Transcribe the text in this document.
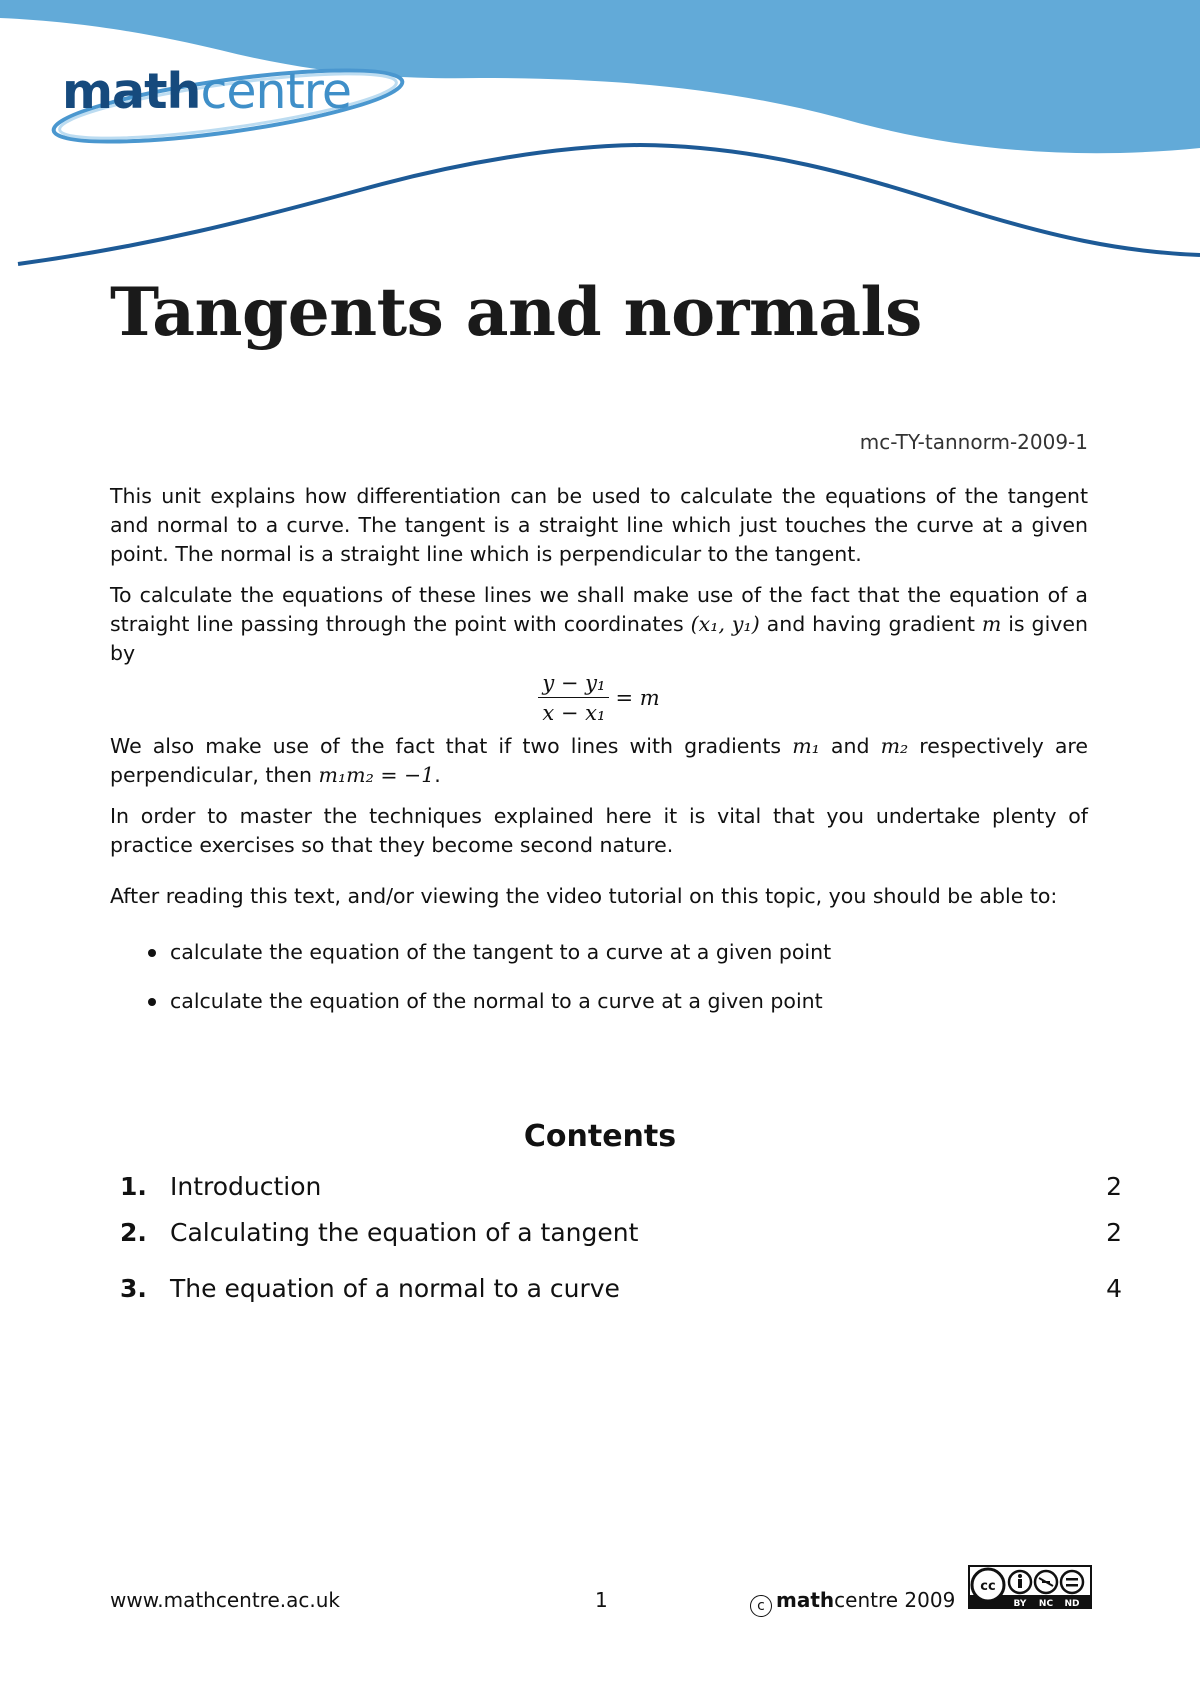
mathcentre
Tangents and normals
mc-TY-tannorm-2009-1

This unit explains how differentiation can be used to calculate the equations of the tangent and normal to a curve. The tangent is a straight line which just touches the curve at a given point. The normal is a straight line which is perpendicular to the tangent.

To calculate the equations of these lines we shall make use of the fact that the equation of a straight line passing through the point with coordinates (x₁, y₁) and having gradient m is given by

$\frac{\text{y − y₁}}{\text{x − x₁}} = m$

We also make use of the fact that if two lines with gradients m₁ and m₂ respectively are perpendicular, then m₁m₂ = −1.

In order to master the techniques explained here it is vital that you undertake plenty of practice exercises so that they become second nature.

After reading this text, and/or viewing the video tutorial on this topic, you should be able to:

calculate the equation of the tangent to a curve at a given point
calculate the equation of the normal to a curve at a given point
Contents
1. Introduction	2
2. Calculating the equation of a tangent	2
3. The equation of a normal to a curve	4
www.mathcentre.ac.uk	1	c mathcentre 2009
cc
BY NC ND
